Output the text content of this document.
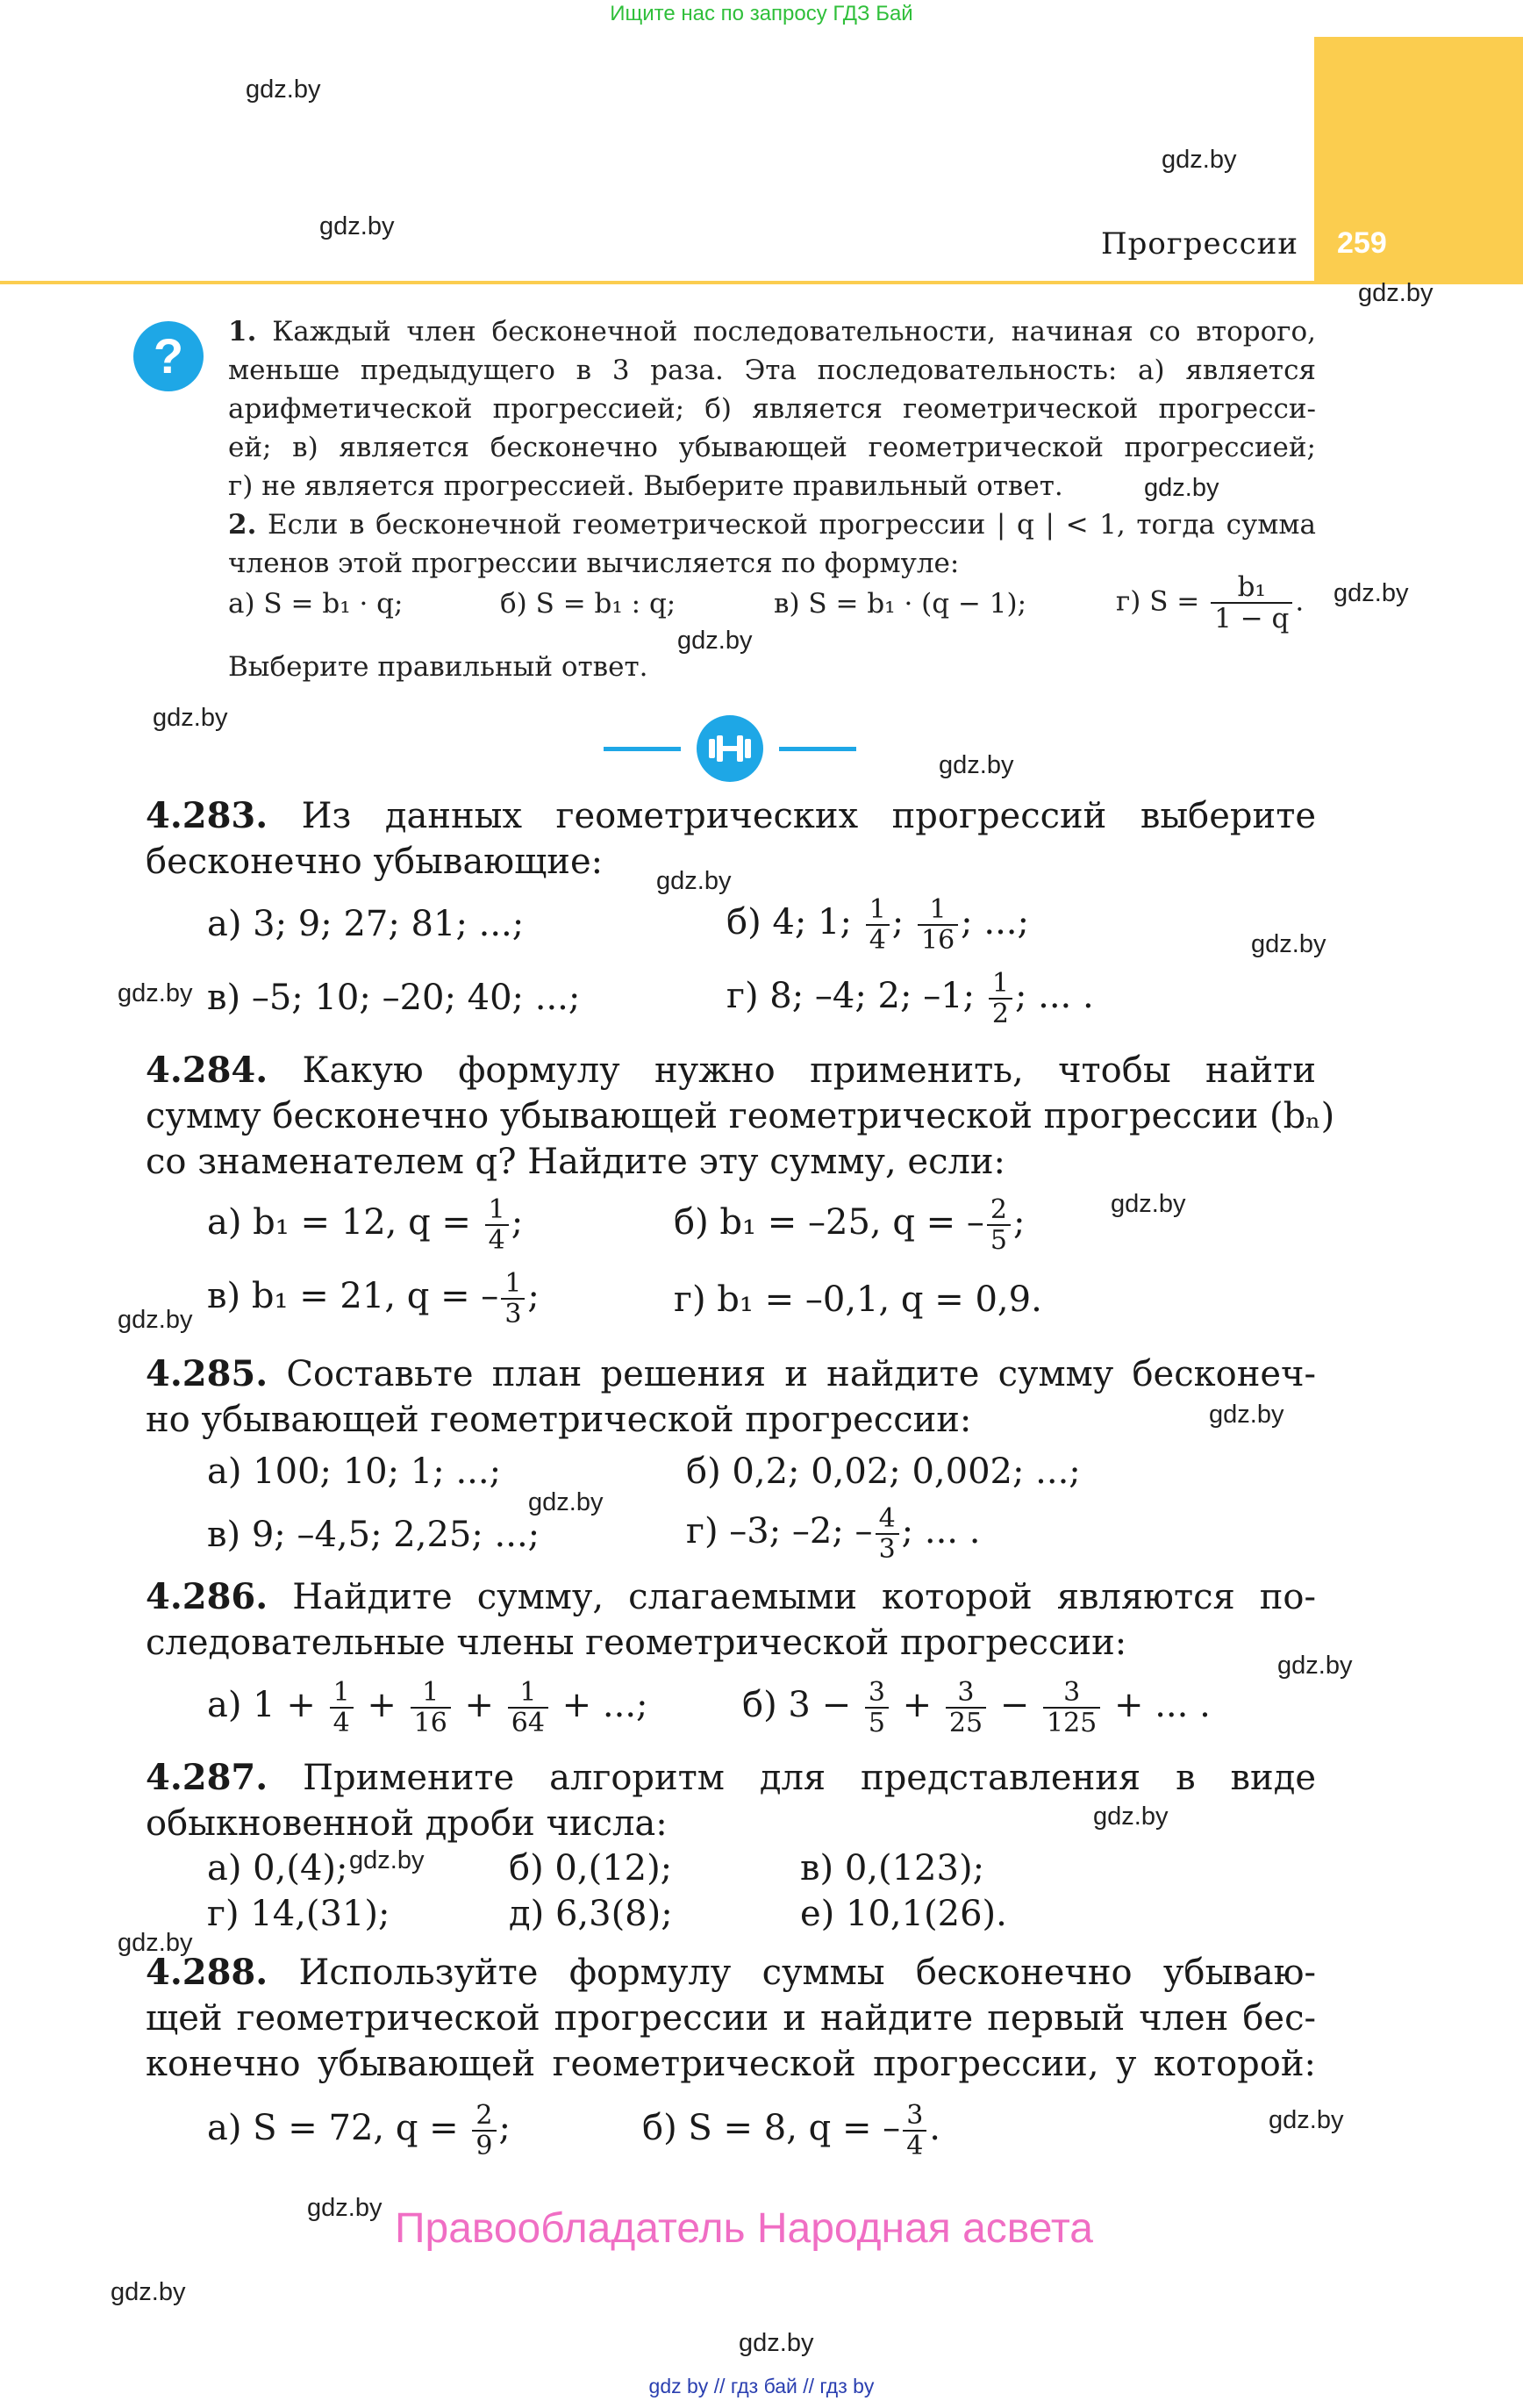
Ищите нас по запросу ГДЗ Бай
259
Прогрессии
gdz.by
gdz.by
gdz.by
gdz.by
gdz.by
gdz.by
gdz.by
gdz.by
gdz.by
gdz.by
gdz.by
gdz.by
gdz.by
gdz.by
gdz.by
gdz.by
gdz.by
gdz.by
gdz.by
gdz.by
gdz.by
gdz.by
gdz.by
gdz.by
?	1. Каждый член бесконечной последовательности, начиная со второго,
меньше предыдущего в 3 раза. Эта последовательность: а) является
арифметической прогрессией; б) является геометрической прогресси-
ей; в) является бесконечно убывающей геометрической прогрессией;
г) не является прогрессией. Выберите правильный ответ.
2. Если в бесконечной геометрической прогрессии | q | < 1, тогда сумма
членов этой прогрессии вычисляется по формуле:
а) S = b₁ · q;	б) S = b₁ : q;	в) S = b₁ · (q − 1);	г) $S = \frac{\text{b₁}}{1 - q}$ .
Выберите правильный ответ.
4.283. Из данных геометрических прогрессий выберите
бесконечно убывающие:
а) 3; 9; 27; 81; ...;	б) 4; 1; $\frac{1}{4}$ ; $\frac{1}{16}$ ; ...;
в) –5; 10; –20; 40; ...;	г) 8; –4; 2; –1; $\frac{1}{2}$ ; ... .
4.284. Какую формулу нужно применить, чтобы найти
сумму бесконечно убывающей геометрической прогрессии (bₙ)
со знаменателем q? Найдите эту сумму, если:
а) b₁ = 12, $q = \frac{1}{4}$ ;	б) b₁ = –25, q = – $\frac{2}{5}$ ;
в) b₁ = 21, q = – $\frac{1}{3}$ ;	г) b₁ = –0,1, q = 0,9.
4.285. Составьте план решения и найдите сумму бесконеч-
но убывающей геометрической прогрессии:
а) 100; 10; 1; ...;	б) 0,2; 0,02; 0,002; ...;
в) 9; –4,5; 2,25; ...;	г) –3; –2; – $\frac{4}{3}$ ; ... .
4.286. Найдите сумму, слагаемыми которой являются по-
следовательные члены геометрической прогрессии:
а) $1 + \frac{1}{4} + \frac{1}{16} + \frac{1}{64}$ + ...;	б) $3 - \frac{3}{5} + \frac{3}{25} - \frac{3}{125}$ + ... .
4.287. Примените алгоритм для представления в виде
обыкновенной дроби числа:
а) 0,(4);	б) 0,(12);	в) 0,(123);
г) 14,(31);	д) 6,3(8);	е) 10,1(26).
4.288. Используйте формулу суммы бесконечно убываю-
щей геометрической прогрессии и найдите первый член бес-
конечно убывающей геометрической прогрессии, у которой:
а) S = 72, $q = \frac{2}{9}$ ;	б) S = 8, q = – $\frac{3}{4}$ .
Правообладатель Народная асвета
gdz by // гдз бай // гдз by
